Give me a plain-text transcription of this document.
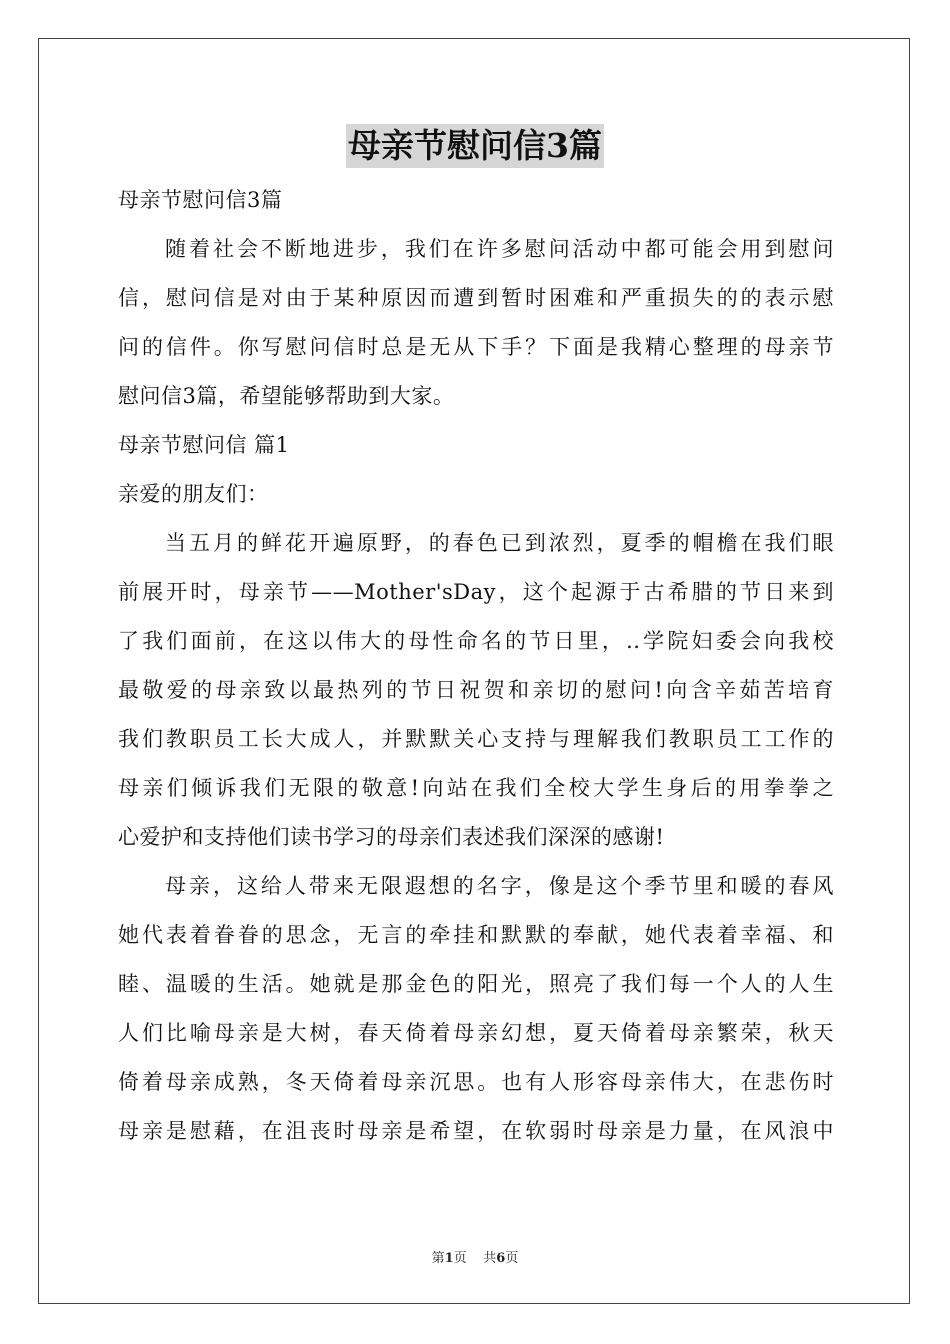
母亲节慰问信3篇
母亲节慰问信3篇
随着社会不断地进步，我们在许多慰问活动中都可能会用到慰问
信，慰问信是对由于某种原因而遭到暂时困难和严重损失的的表示慰
问的信件。你写慰问信时总是无从下手？下面是我精心整理的母亲节
慰问信3篇，希望能够帮助到大家。
母亲节慰问信 篇1
亲爱的朋友们：
当五月的鲜花开遍原野，的春色已到浓烈，夏季的帽檐在我们眼
前展开时，母亲节——Mother'sDay，这个起源于古希腊的节日来到
了我们面前，在这以伟大的母性命名的节日里，..学院妇委会向我校
最敬爱的母亲致以最热列的节日祝贺和亲切的慰问!向含辛茹苦培育
我们教职员工长大成人，并默默关心支持与理解我们教职员工工作的
母亲们倾诉我们无限的敬意!向站在我们全校大学生身后的用拳拳之
心爱护和支持他们读书学习的母亲们表述我们深深的感谢!
母亲，这给人带来无限遐想的名字，像是这个季节里和暖的春风
她代表着眷眷的思念，无言的牵挂和默默的奉献，她代表着幸福、和
睦、温暖的生活。她就是那金色的阳光，照亮了我们每一个人的人生
人们比喻母亲是大树，春天倚着母亲幻想，夏天倚着母亲繁荣，秋天
倚着母亲成熟，冬天倚着母亲沉思。也有人形容母亲伟大，在悲伤时
母亲是慰藉，在沮丧时母亲是希望，在软弱时母亲是力量，在风浪中
第1页 共6页
